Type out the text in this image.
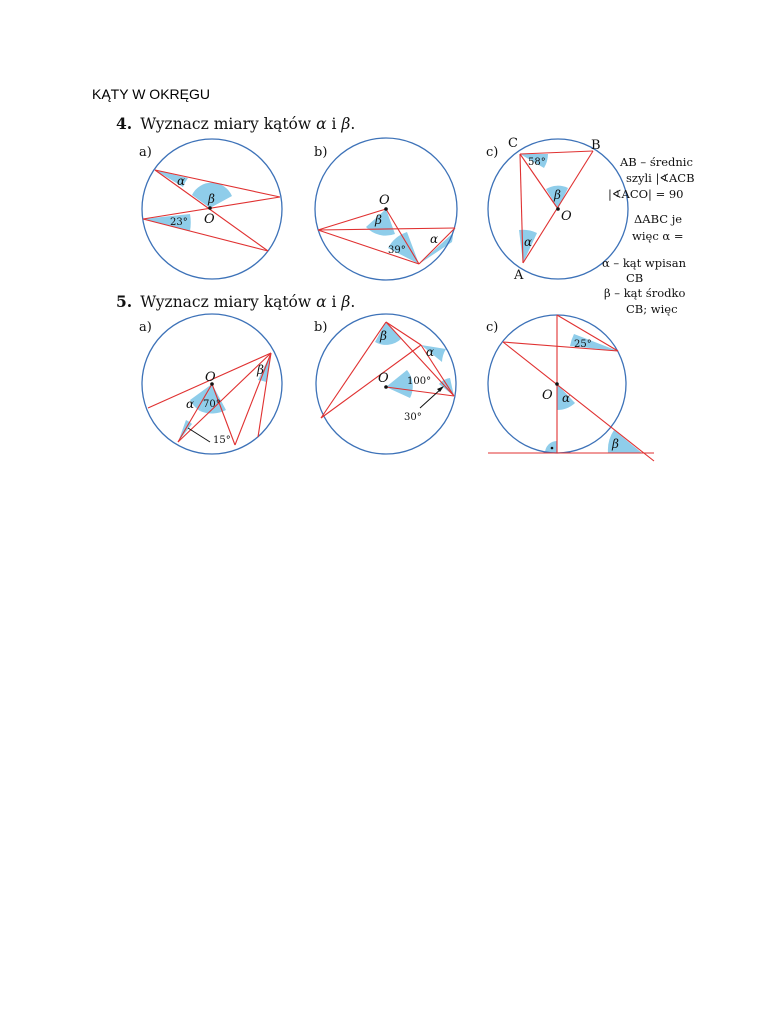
KĄTY W OKRĘGU
4. Wyznacz miary kątów α i β.
5. Wyznacz miary kątów α i β.
a)
α
β
O
23°
b)
O
β
39°
α
c)
C	B
A
O
58°
β
α
a)
O
α 70°
β
15°
b)
O
β
α
100°
30°
c)
O α
25°
β
AB – średnic
szyli |∢ACB
|∢ACO| = 90
ΔABC je
więc α =
α – kąt wpisan
CB
β – kąt środko
CB; więc
